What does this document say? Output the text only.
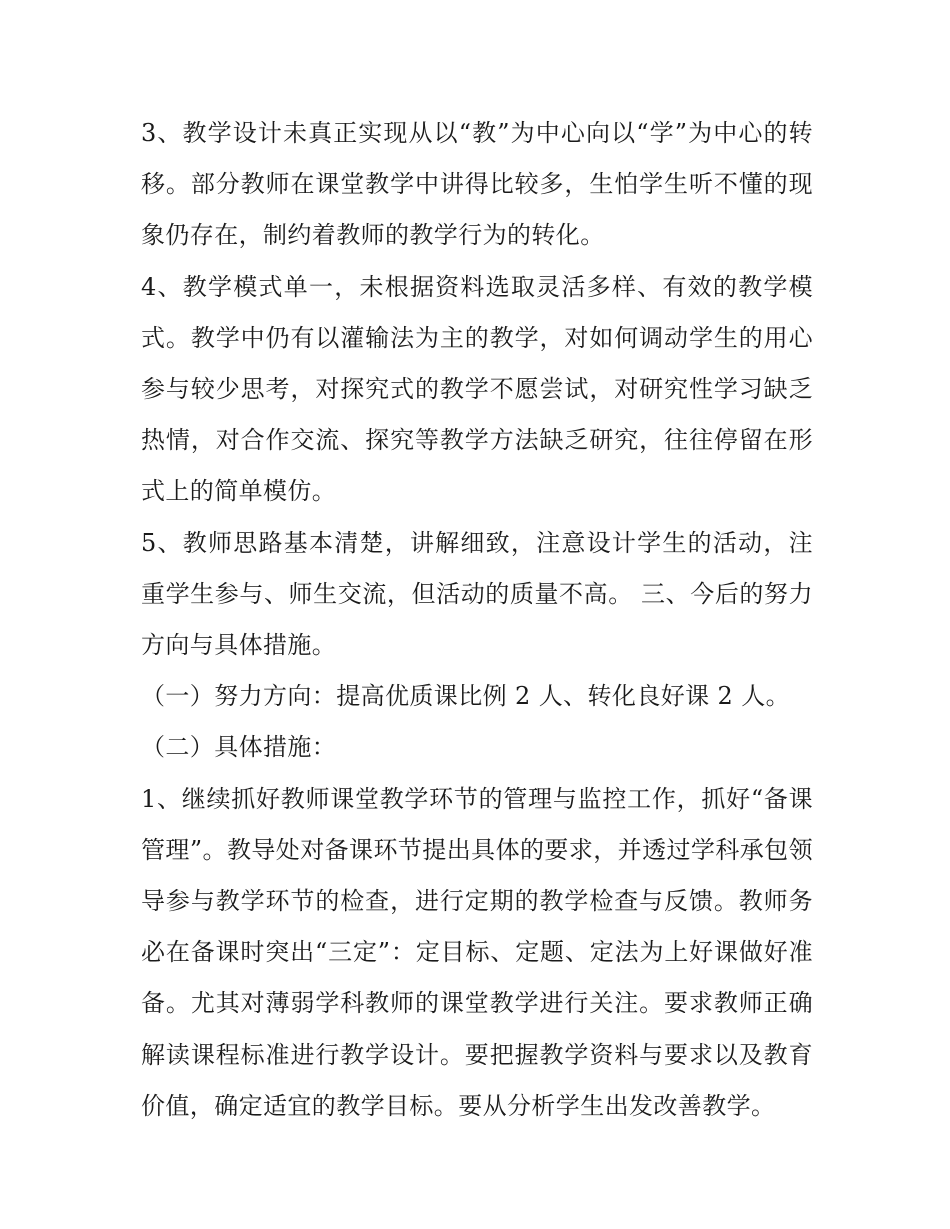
3、教学设计未真正实现从以“教”为中心向以“学”为中心的转移。部分教师在课堂教学中讲得比较多，生怕学生听不懂的现象仍存在，制约着教师的教学行为的转化。

4、教学模式单一，未根据资料选取灵活多样、有效的教学模式。教学中仍有以灌输法为主的教学，对如何调动学生的用心参与较少思考，对探究式的教学不愿尝试，对研究性学习缺乏热情，对合作交流、探究等教学方法缺乏研究，往往停留在形式上的简单模仿。

5、教师思路基本清楚，讲解细致，注意设计学生的活动，注重学生参与、师生交流，但活动的质量不高。 三、今后的努力方向与具体措施。

（一）努力方向：提高优质课比例 2 人、转化良好课 2 人。

（二）具体措施：

1、继续抓好教师课堂教学环节的管理与监控工作，抓好“备课管理”。教导处对备课环节提出具体的要求，并透过学科承包领导参与教学环节的检查，进行定期的教学检查与反馈。教师务必在备课时突出“三定”：定目标、定题、定法为上好课做好准备。尤其对薄弱学科教师的课堂教学进行关注。要求教师正确解读课程标准进行教学设计。要把握教学资料与要求以及教育价值，确定适宜的教学目标。要从分析学生出发改善教学。
